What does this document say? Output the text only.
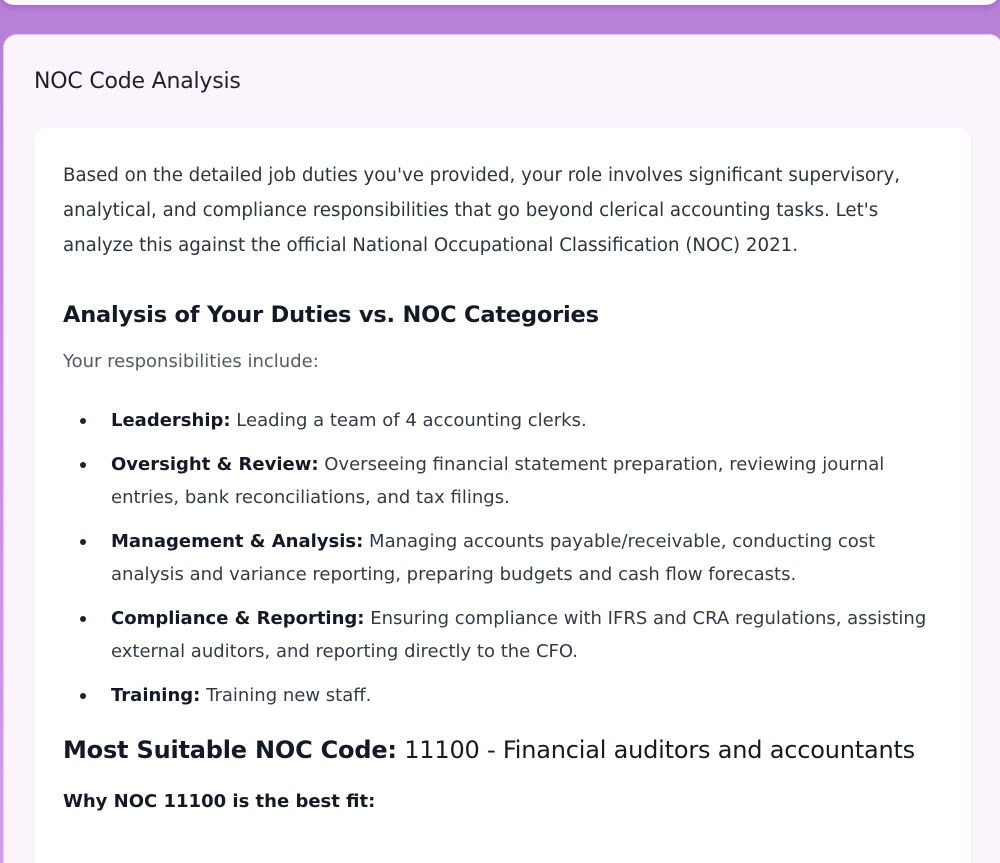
NOC Code Analysis

Based on the detailed job duties you've provided, your role involves significant supervisory, analytical, and compliance responsibilities that go beyond clerical accounting tasks. Let's analyze this against the official National Occupational Classification (NOC) 2021.

Analysis of Your Duties vs. NOC Categories

Your responsibilities include:

Leadership: Leading a team of 4 accounting clerks.
Oversight & Review: Overseeing financial statement preparation, reviewing journal entries, bank reconciliations, and tax filings.
Management & Analysis: Managing accounts payable/receivable, conducting cost analysis and variance reporting, preparing budgets and cash flow forecasts.
Compliance & Reporting: Ensuring compliance with IFRS and CRA regulations, assisting external auditors, and reporting directly to the CFO.
Training: Training new staff.
Most Suitable NOC Code: 11100 - Financial auditors and accountants

Why NOC 11100 is the best fit:
